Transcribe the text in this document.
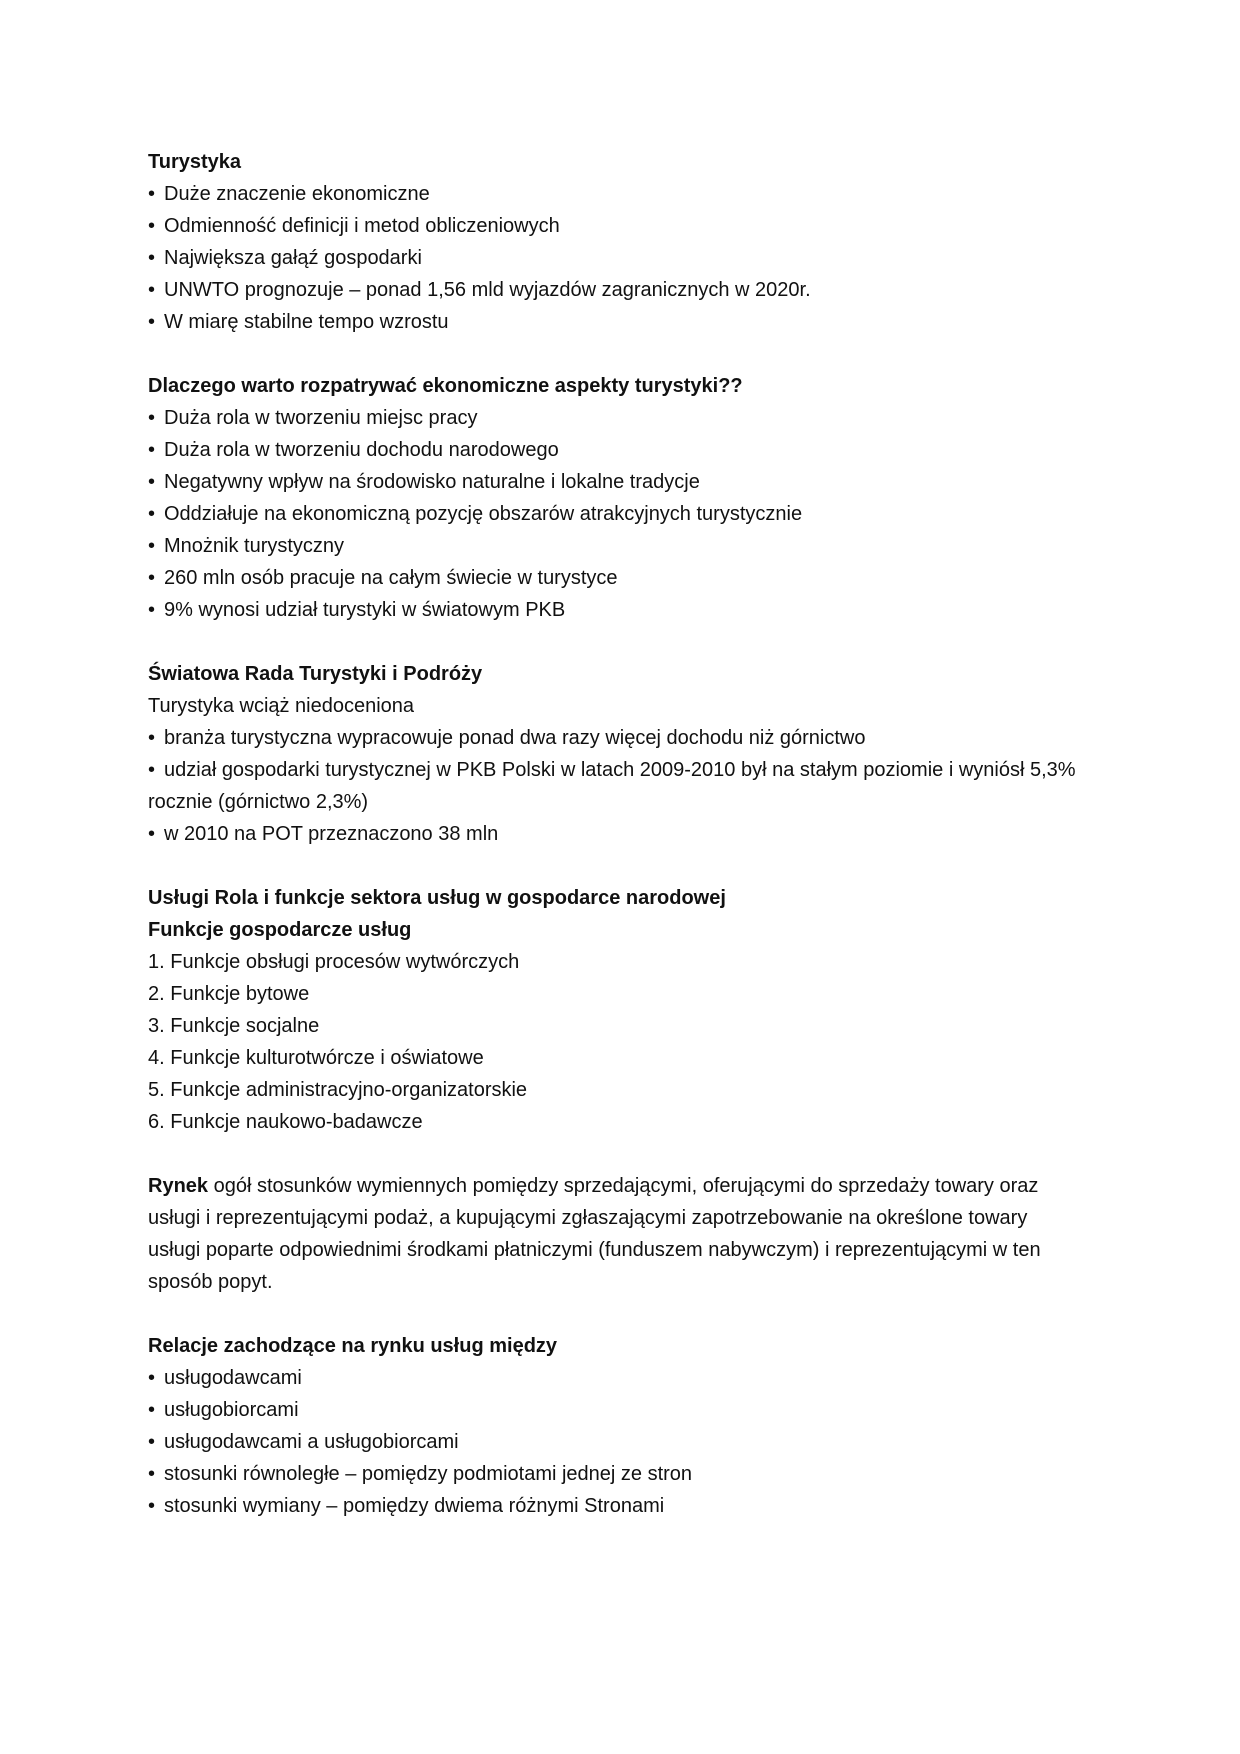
Turystyka

• Duże znaczenie ekonomiczne

• Odmienność definicji i metod obliczeniowych

• Największa gałąź gospodarki

• UNWTO prognozuje – ponad 1,56 mld wyjazdów zagranicznych w 2020r.

• W miarę stabilne tempo wzrostu

Dlaczego warto rozpatrywać ekonomiczne aspekty turystyki??

• Duża rola w tworzeniu miejsc pracy

• Duża rola w tworzeniu dochodu narodowego

• Negatywny wpływ na środowisko naturalne i lokalne tradycje

• Oddziałuje na ekonomiczną pozycję obszarów atrakcyjnych turystycznie

• Mnożnik turystyczny

• 260 mln osób pracuje na całym świecie w turystyce

• 9% wynosi udział turystyki w światowym PKB

Światowa Rada Turystyki i Podróży

Turystyka wciąż niedoceniona

• branża turystyczna wypracowuje ponad dwa razy więcej dochodu niż górnictwo

• udział gospodarki turystycznej w PKB Polski w latach 2009-2010 był na stałym poziomie i wyniósł 5,3% rocznie (górnictwo 2,3%)

• w 2010 na POT przeznaczono 38 mln

Usługi Rola i funkcje sektora usług w gospodarce narodowej

Funkcje gospodarcze usług

1. Funkcje obsługi procesów wytwórczych

2. Funkcje bytowe

3. Funkcje socjalne

4. Funkcje kulturotwórcze i oświatowe

5. Funkcje administracyjno-organizatorskie

6. Funkcje naukowo-badawcze

Rynek ogół stosunków wymiennych pomiędzy sprzedającymi, oferującymi do sprzedaży towary oraz usługi i reprezentującymi podaż, a kupującymi zgłaszającymi zapotrzebowanie na określone towary usługi poparte odpowiednimi środkami płatniczymi (funduszem nabywczym) i reprezentującymi w ten sposób popyt.

Relacje zachodzące na rynku usług między

• usługodawcami

• usługobiorcami

• usługodawcami a usługobiorcami

• stosunki równoległe – pomiędzy podmiotami jednej ze stron

• stosunki wymiany – pomiędzy dwiema różnymi Stronami
